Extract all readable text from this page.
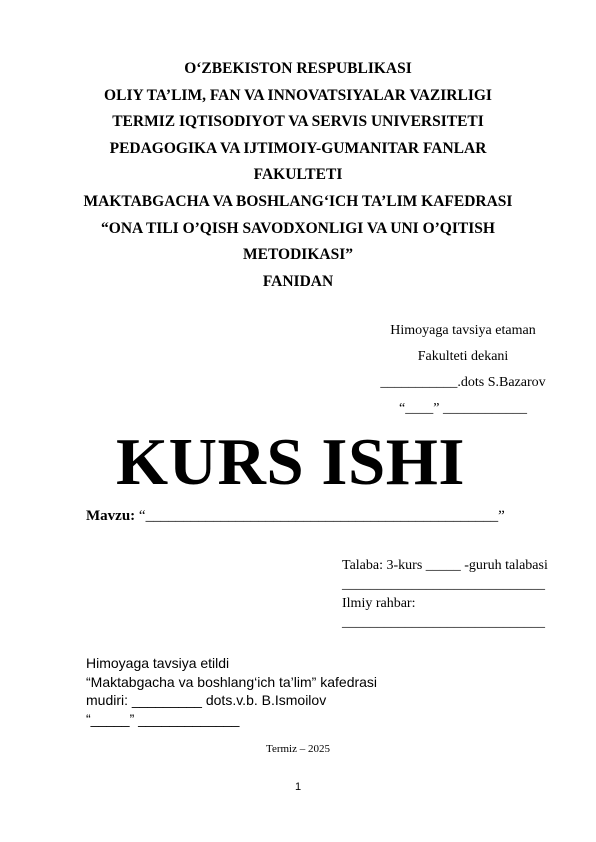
O‘ZBEKISTON RESPUBLIKASI
OLIY TA’LIM, FAN VA INNOVATSIYALAR VAZIRLIGI
TERMIZ IQTISODIYOT VA SERVIS UNIVERSITETI
PEDAGOGIKA VA IJTIMOIY-GUMANITAR FANLAR
FAKULTETI
MAKTABGACHA VA BOSHLANG‘ICH TA’LIM KAFEDRASI
“ONA TILI O’QISH SAVODXONLIGI VA UNI O’QITISH
METODIKASI”
FANIDAN
Himoyaga tavsiya etaman
Fakulteti dekani
___________.dots S.Bazarov
“____” ____________
KURS ISHI
Mavzu: “_______________________________________________”
Talaba: 3-kurs _____ -guruh talabasi
_____________________________
Ilmiy rahbar:
_____________________________
Himoyaga tavsiya etildi
“Maktabgacha va boshlang‘ich ta’lim” kafedrasi
mudiri: _________ dots.v.b. B.Ismoilov
“_____” _____________
Termiz – 2025
1
